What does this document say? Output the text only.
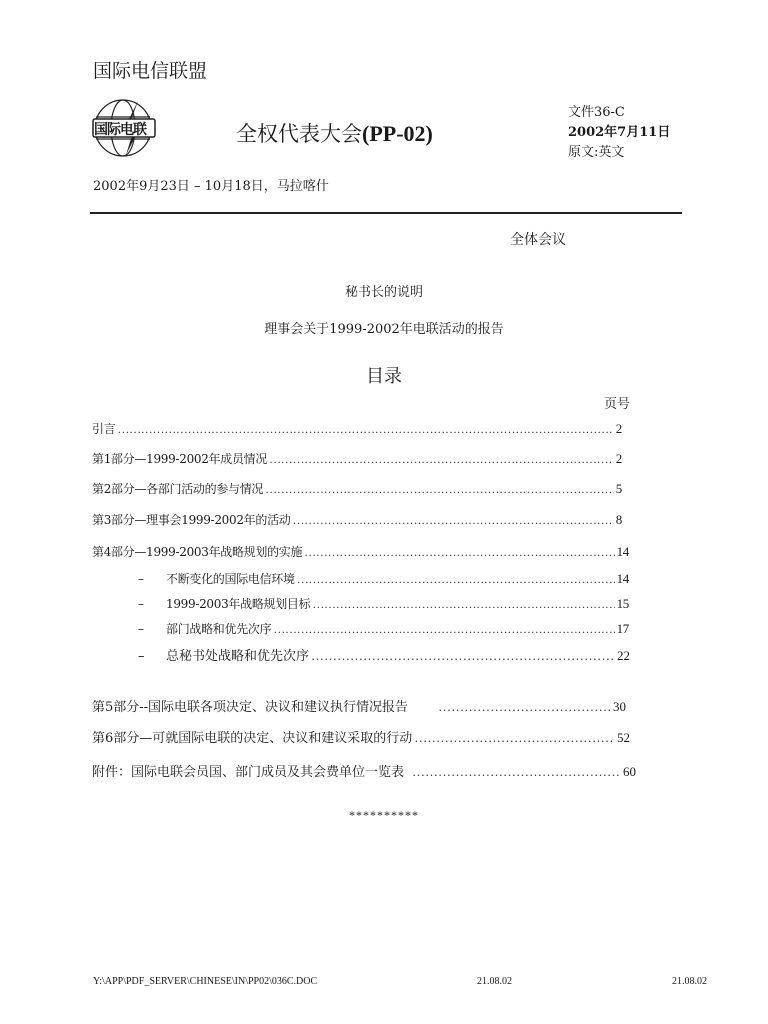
国际电信联盟
国际电联	全权代表大会(PP-02)
文件36-C
2002年7月11日
原文:英文
2002年9月23日 – 10月18日，马拉喀什
全体会议
秘书长的说明
理事会关于1999-2002年电联活动的报告
目录
页号
引言 ……………………………………………………………………………………………………………………………………………………	2
第1部分—1999-2002年成员情况 ……………………………………………………………………………………………………………………………………………………	2
第2部分—各部门活动的参与情况 ……………………………………………………………………………………………………………………………………………………	5
第3部分—理事会1999-2002年的活动 ……………………………………………………………………………………………………………………………………………………	8
第4部分—1999-2003年战略规划的实施 ……………………………………………………………………………………………………………………………………………………	14
– 不断变化的国际电信环境 ……………………………………………………………………………………………………………………………………………………	14
– 1999-2003年战略规划目标 ……………………………………………………………………………………………………………………………………………………	15
– 部门战略和优先次序 ……………………………………………………………………………………………………………………………………………………	17
– 总秘书处战略和优先次序 ……………………………………………………………………………………………………………………………………………………	22
第5部分--国际电联各项决定、决议和建议执行情况报告 ……………………………………………………………………………………………………………………………………………………	30
第6部分—可就国际电联的决定、决议和建议采取的行动 ……………………………………………………………………………………………………………………………………………………	52
附件：国际电联会员国、部门成员及其会费单位一览表 ……………………………………………………………………………………………………………………………………………………	60
**********
Y:\APP\PDF_SERVER\CHINESE\IN\PP02\036C.DOC	21.08.02	21.08.02
